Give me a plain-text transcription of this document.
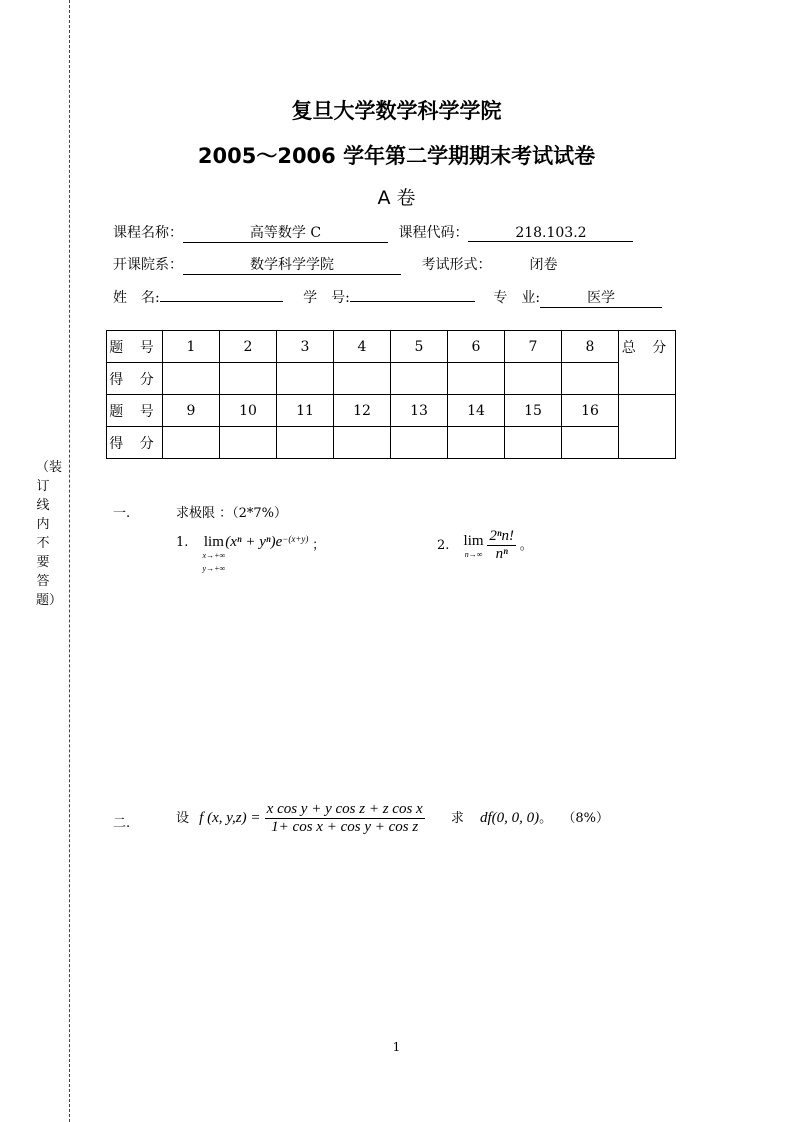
（装订线内不要答题）
复旦大学数学科学学院
2005～2006 学年第二学期期末考试试卷
A 卷
课程名称：	高等数学 C	课程代码：	218.103.2
开课院系：	数学科学学院	考试形式：	闭卷
姓　名:	学　号:	专　业:	医学
题 号	1	2	3	4	5	6	7	8	总 分
得 分									
题 号	9	10	11	12	13	14	15	16	
得 分									
一.	求极限 ：（2*7%）
1. lim
x→+∞
y→+∞
$(x^n + y^n)e^{-(x+y)}$ ；	2. lim
n→∞
$\frac{\text{2ⁿn!}}{\text{nⁿ}}$ 。
二.	设 f (x, $y,z) = \frac{\text{x cos y + y cos z + z cos x}}{\text{1+ cos x + cos y + cos z}}$ 求 df(0, 0, 0)。 （8%）
1
